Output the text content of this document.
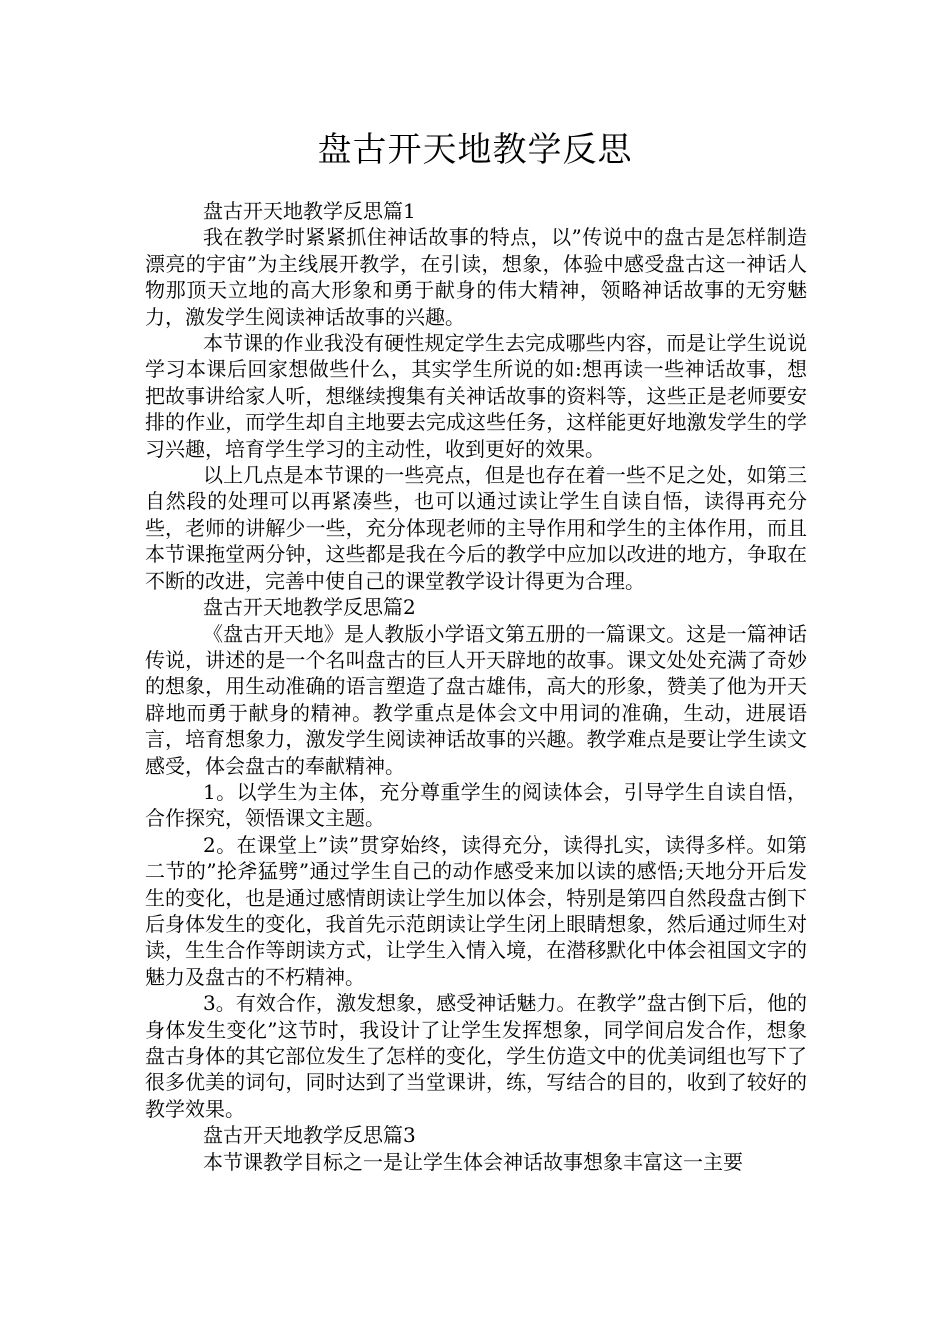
盘古开天地教学反思

盘古开天地教学反思篇1

我在教学时紧紧抓住神话故事的特点，以”传说中的盘古是怎样制造漂亮的宇宙”为主线展开教学，在引读，想象，体验中感受盘古这一神话人物那顶天立地的高大形象和勇于献身的伟大精神，领略神话故事的无穷魅力，激发学生阅读神话故事的兴趣。

本节课的作业我没有硬性规定学生去完成哪些内容，而是让学生说说学习本课后回家想做些什么，其实学生所说的如:想再读一些神话故事，想把故事讲给家人听，想继续搜集有关神话故事的资料等，这些正是老师要安排的作业，而学生却自主地要去完成这些任务，这样能更好地激发学生的学习兴趣，培育学生学习的主动性，收到更好的效果。

以上几点是本节课的一些亮点，但是也存在着一些不足之处，如第三自然段的处理可以再紧凑些，也可以通过读让学生自读自悟，读得再充分些，老师的讲解少一些，充分体现老师的主导作用和学生的主体作用，而且本节课拖堂两分钟，这些都是我在今后的教学中应加以改进的地方，争取在不断的改进，完善中使自己的课堂教学设计得更为合理。

盘古开天地教学反思篇2

《盘古开天地》是人教版小学语文第五册的一篇课文。这是一篇神话传说，讲述的是一个名叫盘古的巨人开天辟地的故事。课文处处充满了奇妙的想象，用生动准确的语言塑造了盘古雄伟，高大的形象，赞美了他为开天辟地而勇于献身的精神。教学重点是体会文中用词的准确，生动，进展语言，培育想象力，激发学生阅读神话故事的兴趣。教学难点是要让学生读文感受，体会盘古的奉献精神。

1。以学生为主体，充分尊重学生的阅读体会，引导学生自读自悟，合作探究，领悟课文主题。

2。在课堂上”读”贯穿始终，读得充分，读得扎实，读得多样。如第二节的”抡斧猛劈”通过学生自己的动作感受来加以读的感悟;天地分开后发生的变化，也是通过感情朗读让学生加以体会，特别是第四自然段盘古倒下后身体发生的变化，我首先示范朗读让学生闭上眼睛想象，然后通过师生对读，生生合作等朗读方式，让学生入情入境，在潜移默化中体会祖国文字的魅力及盘古的不朽精神。

3。有效合作，激发想象，感受神话魅力。在教学”盘古倒下后，他的身体发生变化”这节时，我设计了让学生发挥想象，同学间启发合作，想象盘古身体的其它部位发生了怎样的变化，学生仿造文中的优美词组也写下了很多优美的词句，同时达到了当堂课讲，练，写结合的目的，收到了较好的教学效果。

盘古开天地教学反思篇3

本节课教学目标之一是让学生体会神话故事想象丰富这一主要
